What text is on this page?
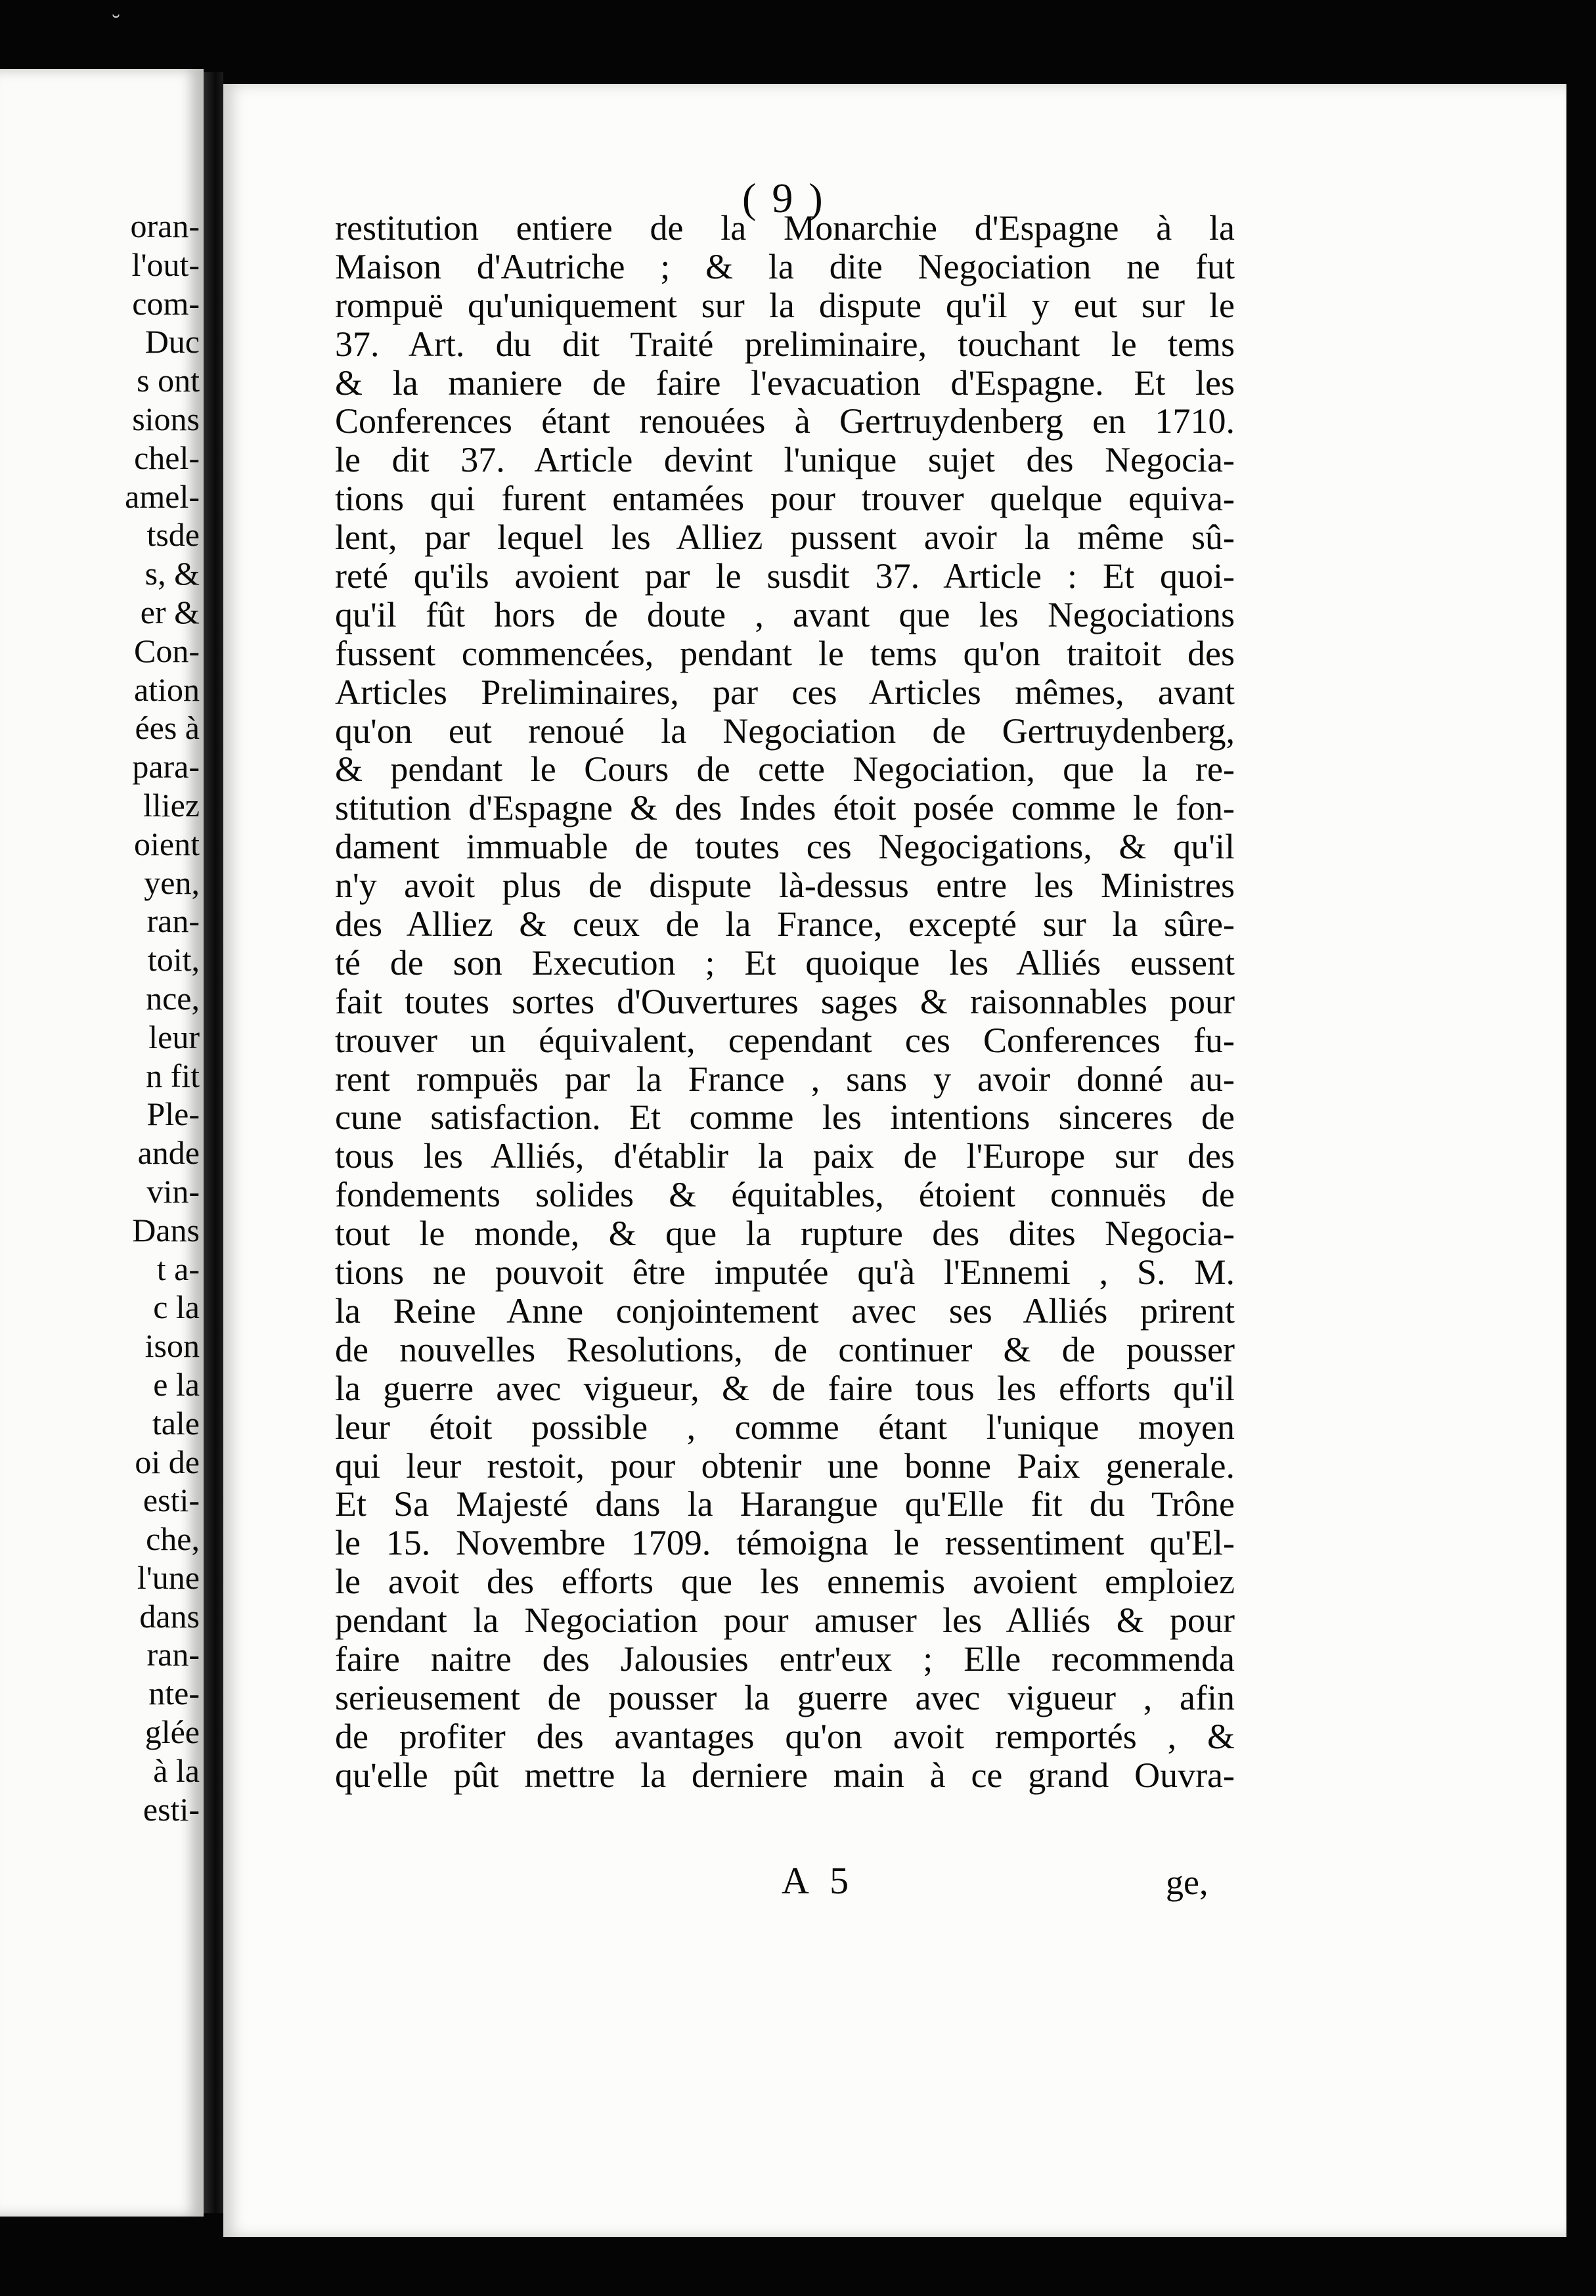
˘
oran-
l'out-
com-
Duc
s ont
sions
chel-
amel-
tsde
s, &
er &
Con-
ation
ées à
para-
lliez
oient
yen,
ran-
toit,
nce,
leur
n fit
Ple-
ande
vin-
Dans
t a-
c la
ison
e la
tale
oi de
esti-
che,
l'une
dans
ran-
nte-
glée
à la
esti-
( 9 )
restitution entiere de la Monarchie d'Espagne à la
Maison d'Autriche ; & la dite Negociation ne fut
rompuë qu'uniquement sur la dispute qu'il y eut sur le
37. Art. du dit Traité preliminaire, touchant le tems
& la maniere de faire l'evacuation d'Espagne. Et les
Conferences étant renouées à Gertruydenberg en 1710.
le dit 37. Article devint l'unique sujet des Negocia-
tions qui furent entamées pour trouver quelque equiva-
lent, par lequel les Alliez pussent avoir la même sû-
reté qu'ils avoient par le susdit 37. Article : Et quoi-
qu'il fût hors de doute , avant que les Negociations
fussent commencées, pendant le tems qu'on traitoit des
Articles Preliminaires, par ces Articles mêmes, avant
qu'on eut renoué la Negociation de Gertruydenberg,
& pendant le Cours de cette Negociation, que la re-
stitution d'Espagne & des Indes étoit posée comme le fon-
dament immuable de toutes ces Negocigations, & qu'il
n'y avoit plus de dispute là-dessus entre les Ministres
des Alliez & ceux de la France, excepté sur la sûre-
té de son Execution ; Et quoique les Alliés eussent
fait toutes sortes d'Ouvertures sages & raisonnables pour
trouver un équivalent, cependant ces Conferences fu-
rent rompuës par la France , sans y avoir donné au-
cune satisfaction. Et comme les intentions sinceres de
tous les Alliés, d'établir la paix de l'Europe sur des
fondements solides & équitables, étoient connuës de
tout le monde, & que la rupture des dites Negocia-
tions ne pouvoit être imputée qu'à l'Ennemi , S. M.
la Reine Anne conjointement avec ses Alliés prirent
de nouvelles Resolutions, de continuer & de pousser
la guerre avec vigueur, & de faire tous les efforts qu'il
leur étoit possible , comme étant l'unique moyen
qui leur restoit, pour obtenir une bonne Paix generale.
Et Sa Majesté dans la Harangue qu'Elle fit du Trône
le 15. Novembre 1709. témoigna le ressentiment qu'El-
le avoit des efforts que les ennemis avoient emploiez
pendant la Negociation pour amuser les Alliés & pour
faire naitre des Jalousies entr'eux ; Elle recommenda
serieusement de pousser la guerre avec vigueur , afin
de profiter des avantages qu'on avoit remportés , &
qu'elle pût mettre la derniere main à ce grand Ouvra-
A 5	ge,
